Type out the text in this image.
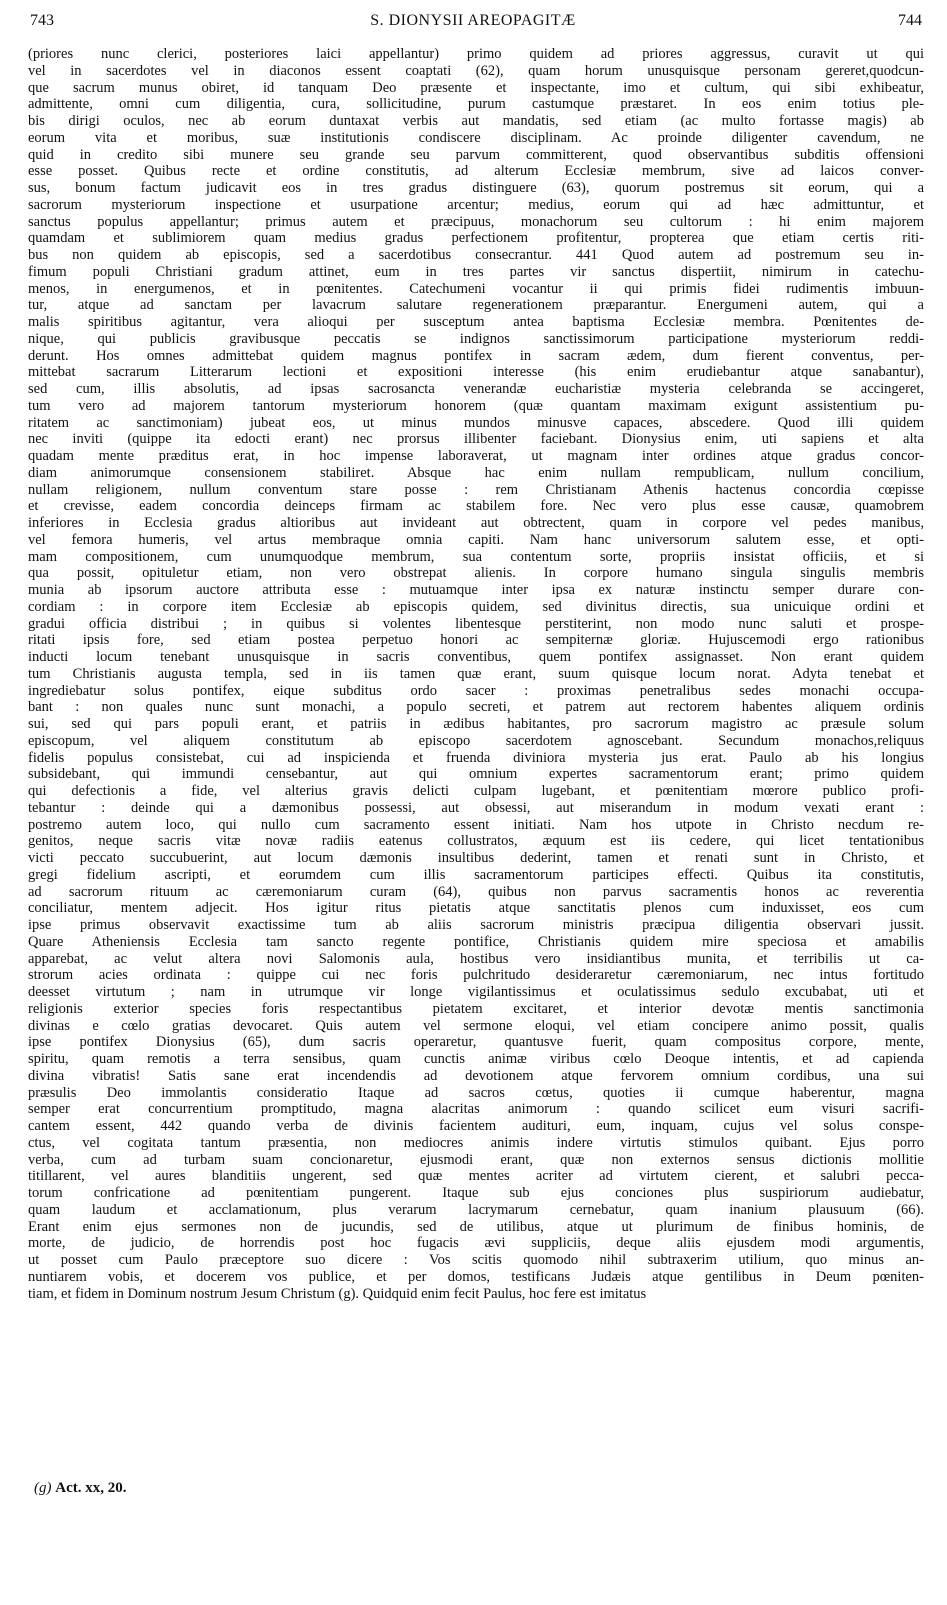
743	S. DIONYSII AREOPAGITÆ	744
(priores nunc clerici, posteriores laici appellantur) primo quidem ad priores aggressus, curavit ut qui
vel in sacerdotes vel in diaconos essent coaptati (62), quam horum unusquisque personam gereret,quodcun-
que sacrum munus obiret, id tanquam Deo præsente et inspectante, imo et cultum, qui sibi exhibeatur,
admittente, omni cum diligentia, cura, sollicitudine, purum castumque præstaret. In eos enim totius ple-
bis dirigi oculos, nec ab eorum duntaxat verbis aut mandatis, sed etiam (ac multo fortasse magis) ab
eorum vita et moribus, suæ institutionis condiscere disciplinam. Ac proinde diligenter cavendum, ne
quid in credito sibi munere seu grande seu parvum committerent, quod observantibus subditis offensioni
esse posset. Quibus recte et ordine constitutis, ad alterum Ecclesiæ membrum, sive ad laicos conver-
sus, bonum factum judicavit eos in tres gradus distinguere (63), quorum postremus sit eorum, qui a
sacrorum mysteriorum inspectione et usurpatione arcentur; medius, eorum qui ad hæc admittuntur, et
sanctus populus appellantur; primus autem et præcipuus, monachorum seu cultorum : hi enim majorem
quamdam et sublimiorem quam medius gradus perfectionem profitentur, propterea que etiam certis riti-
bus non quidem ab episcopis, sed a sacerdotibus consecrantur. 441 Quod autem ad postremum seu in-
fimum populi Christiani gradum attinet, eum in tres partes vir sanctus dispertiit, nimirum in catechu-
menos, in energumenos, et in pœnitentes. Catechumeni vocantur ii qui primis fidei rudimentis imbuun-
tur, atque ad sanctam per lavacrum salutare regenerationem præparantur. Energumeni autem, qui a
malis spiritibus agitantur, vera alioqui per susceptum antea baptisma Ecclesiæ membra. Pœnitentes de-
nique, qui publicis gravibusque peccatis se indignos sanctissimorum participatione mysteriorum reddi-
derunt. Hos omnes admittebat quidem magnus pontifex in sacram ædem, dum fierent conventus, per-
mittebat sacrarum Litterarum lectioni et expositioni interesse (his enim erudiebantur atque sanabantur),
sed cum, illis absolutis, ad ipsas sacrosancta venerandæ eucharistiæ mysteria celebranda se accingeret,
tum vero ad majorem tantorum mysteriorum honorem (quæ quantam maximam exigunt assistentium pu-
ritatem ac sanctimoniam) jubeat eos, ut minus mundos minusve capaces, abscedere. Quod illi quidem
nec inviti (quippe ita edocti erant) nec prorsus illibenter faciebant. Dionysius enim, uti sapiens et alta
quadam mente præditus erat, in hoc impense laboraverat, ut magnam inter ordines atque gradus concor-
diam animorumque consensionem stabiliret. Absque hac enim nullam rempublicam, nullum concilium,
nullam religionem, nullum conventum stare posse : rem Christianam Athenis hactenus concordia cœpisse
et crevisse, eadem concordia deinceps firmam ac stabilem fore. Nec vero plus esse causæ, quamobrem
inferiores in Ecclesia gradus altioribus aut invideant aut obtrectent, quam in corpore vel pedes manibus,
vel femora humeris, vel artus membraque omnia capiti. Nam hanc universorum salutem esse, et opti-
mam compositionem, cum unumquodque membrum, sua contentum sorte, propriis insistat officiis, et si
qua possit, opituletur etiam, non vero obstrepat alienis. In corpore humano singula singulis membris
munia ab ipsorum auctore attributa esse : mutuamque inter ipsa ex naturæ instinctu semper durare con-
cordiam : in corpore item Ecclesiæ ab episcopis quidem, sed divinitus directis, sua unicuique ordini et
gradui officia distribui ; in quibus si volentes libentesque perstiterint, non modo nunc saluti et prospe-
ritati ipsis fore, sed etiam postea perpetuo honori ac sempiternæ gloriæ. Hujuscemodi ergo rationibus
inducti locum tenebant unusquisque in sacris conventibus, quem pontifex assignasset. Non erant quidem
tum Christianis augusta templa, sed in iis tamen quæ erant, suum quisque locum norat. Adyta tenebat et
ingrediebatur solus pontifex, eique subditus ordo sacer : proximas penetralibus sedes monachi occupa-
bant : non quales nunc sunt monachi, a populo secreti, et patrem aut rectorem habentes aliquem ordinis
sui, sed qui pars populi erant, et patriis in ædibus habitantes, pro sacrorum magistro ac præsule solum
episcopum, vel aliquem constitutum ab episcopo sacerdotem agnoscebant. Secundum monachos,reliquus
fidelis populus consistebat, cui ad inspicienda et fruenda diviniora mysteria jus erat. Paulo ab his longius
subsidebant, qui immundi censebantur, aut qui omnium expertes sacramentorum erant; primo quidem
qui defectionis a fide, vel alterius gravis delicti culpam lugebant, et pœnitentiam mœrore publico profi-
tebantur : deinde qui a dæmonibus possessi, aut obsessi, aut miserandum in modum vexati erant :
postremo autem loco, qui nullo cum sacramento essent initiati. Nam hos utpote in Christo necdum re-
genitos, neque sacris vitæ novæ radiis eatenus collustratos, æquum est iis cedere, qui licet tentationibus
victi peccato succubuerint, aut locum dæmonis insultibus dederint, tamen et renati sunt in Christo, et
gregi fidelium ascripti, et eorumdem cum illis sacramentorum participes effecti. Quibus ita constitutis,
ad sacrorum rituum ac cæremoniarum curam (64), quibus non parvus sacramentis honos ac reverentia
conciliatur, mentem adjecit. Hos igitur ritus pietatis atque sanctitatis plenos cum induxisset, eos cum
ipse primus observavit exactissime tum ab aliis sacrorum ministris præcipua diligentia observari jussit.
Quare Atheniensis Ecclesia tam sancto regente pontifice, Christianis quidem mire speciosa et amabilis
apparebat, ac velut altera novi Salomonis aula, hostibus vero insidiantibus munita, et terribilis ut ca-
strorum acies ordinata : quippe cui nec foris pulchritudo desideraretur cæremoniarum, nec intus fortitudo
deesset virtutum ; nam in utrumque vir longe vigilantissimus et oculatissimus sedulo excubabat, uti et
religionis exterior species foris respectantibus pietatem excitaret, et interior devotæ mentis sanctimonia
divinas e cœlo gratias devocaret. Quis autem vel sermone eloqui, vel etiam concipere animo possit, qualis
ipse pontifex Dionysius (65), dum sacris operaretur, quantusve fuerit, quam compositus corpore, mente,
spiritu, quam remotis a terra sensibus, quam cunctis animæ viribus cœlo Deoque intentis, et ad capienda
divina vibratis! Satis sane erat incendendis ad devotionem atque fervorem omnium cordibus, una sui
præsulis Deo immolantis consideratio Itaque ad sacros cœtus, quoties ii cumque haberentur, magna
semper erat concurrentium promptitudo, magna alacritas animorum : quando scilicet eum visuri sacrifi-
cantem essent, 442 quando verba de divinis facientem audituri, eum, inquam, cujus vel solus conspe-
ctus, vel cogitata tantum præsentia, non mediocres animis indere virtutis stimulos quibant. Ejus porro
verba, cum ad turbam suam concionaretur, ejusmodi erant, quæ non externos sensus dictionis mollitie
titillarent, vel aures blanditiis ungerent, sed quæ mentes acriter ad virtutem cierent, et salubri pecca-
torum confricatione ad pœnitentiam pungerent. Itaque sub ejus conciones plus suspiriorum audiebatur,
quam laudum et acclamationum, plus verarum lacrymarum cernebatur, quam inanium plausuum (66).
Erant enim ejus sermones non de jucundis, sed de utilibus, atque ut plurimum de finibus hominis, de
morte, de judicio, de horrendis post hoc fugacis ævi suppliciis, deque aliis ejusdem modi argumentis,
ut posset cum Paulo præceptore suo dicere : Vos scitis quomodo nihil subtraxerim utilium, quo minus an-
nuntiarem vobis, et docerem vos publice, et per domos, testificans Judæis atque gentilibus in Deum pœniten-
tiam, et fidem in Dominum nostrum Jesum Christum (g). Quidquid enim fecit Paulus, hoc fere est imitatus
(g) Act. xx, 20.
